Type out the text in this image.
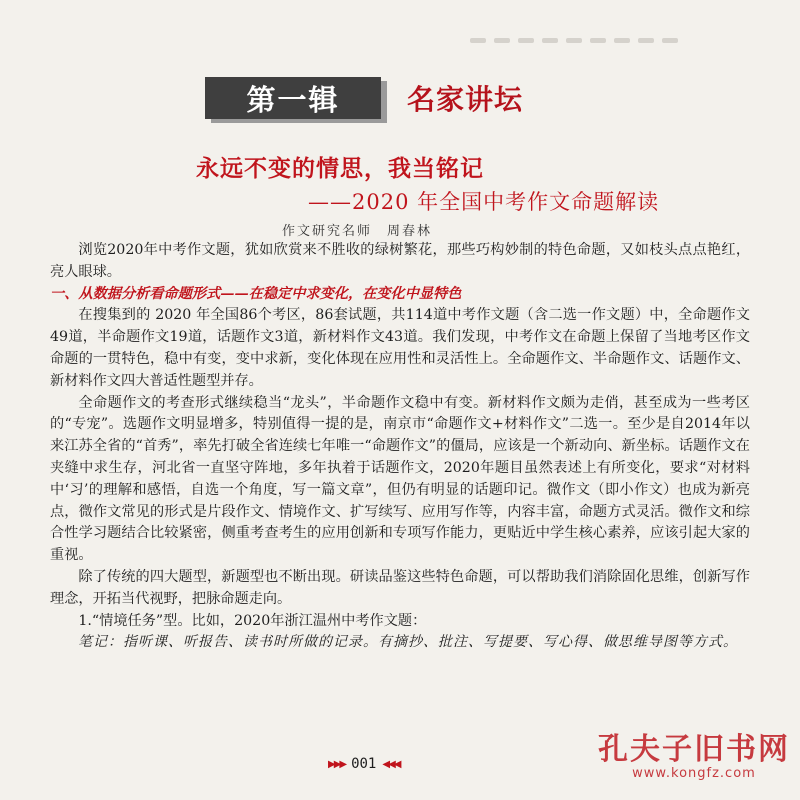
第一辑	名家讲坛
永远不变的情思，我当铭记
——2020 年全国中考作文命题解读
作文研究名师　周春林

浏览2020年中考作文题，犹如欣赏来不胜收的绿树繁花，那些巧构妙制的特色命题，又如枝头点点艳红，亮人眼球。

一、从数据分析看命题形式——在稳定中求变化，在变化中显特色

在搜集到的 2020 年全国86个考区，86套试题，共114道中考作文题（含二选一作文题）中，全命题作文49道，半命题作文19道，话题作文3道，新材料作文43道。我们发现，中考作文在命题上保留了当地考区作文命题的一贯特色，稳中有变，变中求新，变化体现在应用性和灵活性上。全命题作文、半命题作文、话题作文、新材料作文四大普适性题型并存。

全命题作文的考查形式继续稳当“龙头”，半命题作文稳中有变。新材料作文颇为走俏，甚至成为一些考区的“专宠”。选题作文明显增多，特别值得一提的是，南京市“命题作文+材料作文”二选一。至少是自2014年以来江苏全省的“首秀”，率先打破全省连续七年唯一“命题作文”的僵局，应该是一个新动向、新坐标。话题作文在夹缝中求生存，河北省一直坚守阵地，多年执着于话题作文，2020年题目虽然表述上有所变化，要求“对材料中‘习’的理解和感悟，自选一个角度，写一篇文章”，但仍有明显的话题印记。微作文（即小作文）也成为新亮点，微作文常见的形式是片段作文、情境作文、扩写续写、应用写作等，内容丰富，命题方式灵活。微作文和综合性学习题结合比较紧密，侧重考查考生的应用创新和专项写作能力，更贴近中学生核心素养，应该引起大家的重视。

除了传统的四大题型，新题型也不断出现。研读品鉴这些特色命题，可以帮助我们消除固化思维，创新写作理念，开拓当代视野，把脉命题走向。

1.“情境任务”型。比如，2020年浙江温州中考作文题：

笔记：指听课、听报告、读书时所做的记录。有摘抄、批注、写提要、写心得、做思维导图等方式。

▶▶▶ 001 ◀◀◀	孔夫子旧书网
www.kongfz.com
